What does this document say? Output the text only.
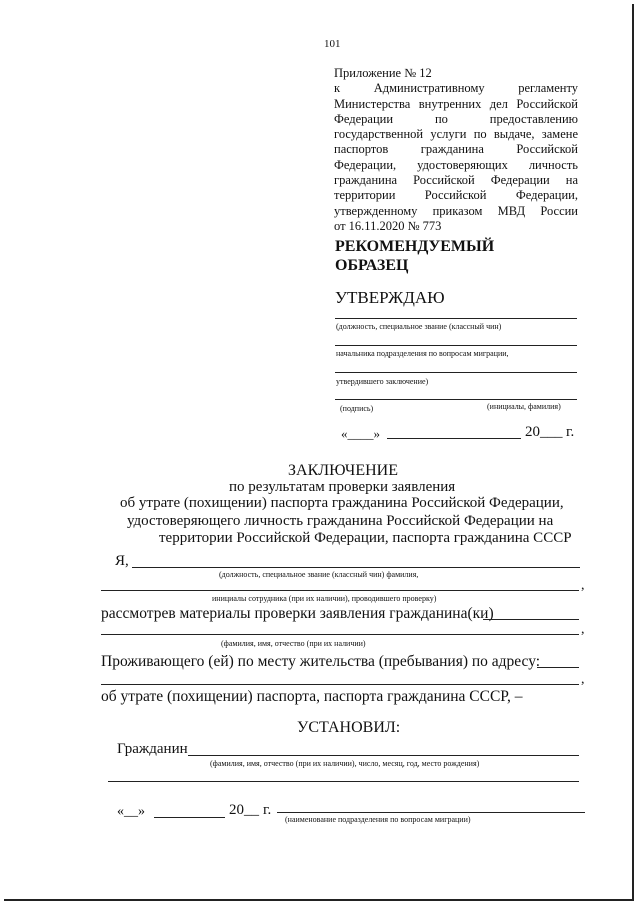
101
Приложение № 12
к Административному регламенту
Министерства внутренних дел Российской
Федерации по предоставлению
государственной услуги по выдаче, замене
паспортов гражданина Российской
Федерации, удостоверяющих личность
гражданина Российской Федерации на
территории Российской Федерации,
утвержденному приказом МВД России
от 16.11.2020 № 773
РЕКОМЕНДУЕМЫЙ
ОБРАЗЕЦ
УТВЕРЖДАЮ
(должность, специальное звание (классный чин)
начальника подразделения по вопросам миграции,
утвердившего заключение)
(подпись)	(инициалы, фамилия)
«____»	20___ г.
ЗАКЛЮЧЕНИЕ
по результатам проверки заявления
об утрате (похищении) паспорта гражданина Российской Федерации,
удостоверяющего личность гражданина Российской Федерации на
территории Российской Федерации, паспорта гражданина СССР
Я,
(должность, специальное звание (классный чин) фамилия,
,
инициалы сотрудника (при их наличии), проводившего проверку)
рассмотрев материалы проверки заявления гражданина(ки)
,
(фамилия, имя, отчество (при их наличии)
Проживающего (ей) по месту жительства (пребывания) по адресу:
,
об утрате (похищении) паспорта, паспорта гражданина СССР, –
УСТАНОВИЛ:
Гражданин
(фамилия, имя, отчество (при их наличии), число, месяц, год, место рождения)
«__»	20__ г.
(наименование подразделения по вопросам миграции)
